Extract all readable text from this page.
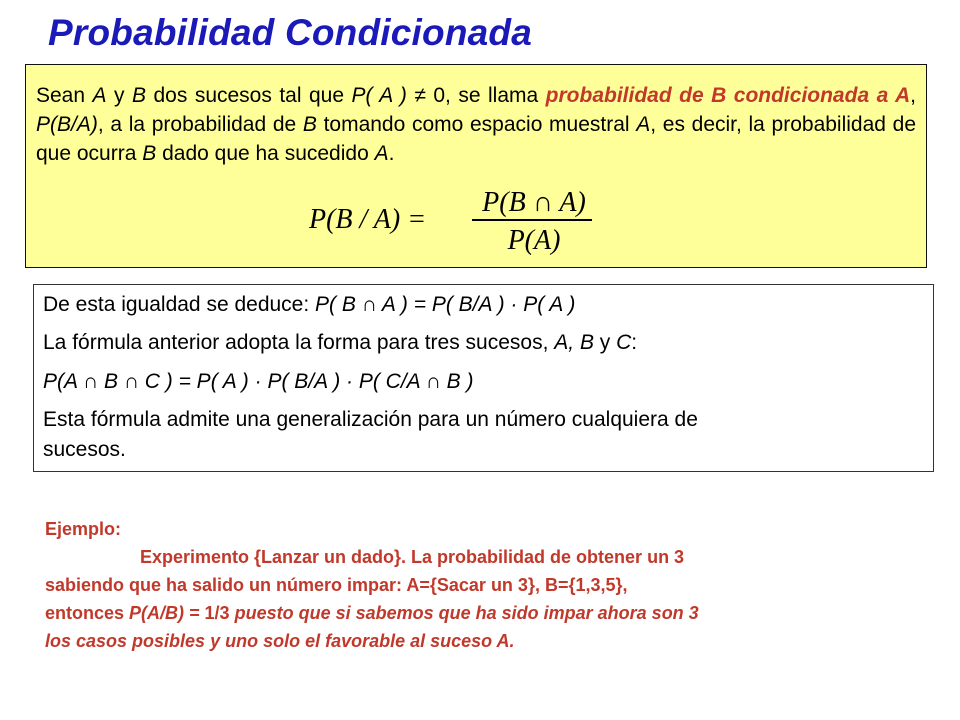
Probabilidad Condicionada
Sean A y B dos sucesos tal que P( A ) ≠ 0, se llama probabilidad de B condicionada a A, P(B/A), a la probabilidad de B tomando como espacio muestral A, es decir, la probabilidad de que ocurra B dado que ha sucedido A.
P(B / A) =
P(B ∩ A)
P(A)
De esta igualdad se deduce: P( B ∩ A ) = P( B/A ) · P( A )
La fórmula anterior adopta la forma para tres sucesos, A, B y C:
P(A ∩ B ∩ C ) = P( A ) · P( B/A ) · P( C/A ∩ B )
Esta fórmula admite una generalización para un número cualquiera de
sucesos.
Ejemplo:
Experimento {Lanzar un dado}. La probabilidad de obtener un 3
sabiendo que ha salido un número impar: A={Sacar un 3}, B={1,3,5},
entonces P(A/B) = 1/3 puesto que si sabemos que ha sido impar ahora son 3
los casos posibles y uno solo el favorable al suceso A.
